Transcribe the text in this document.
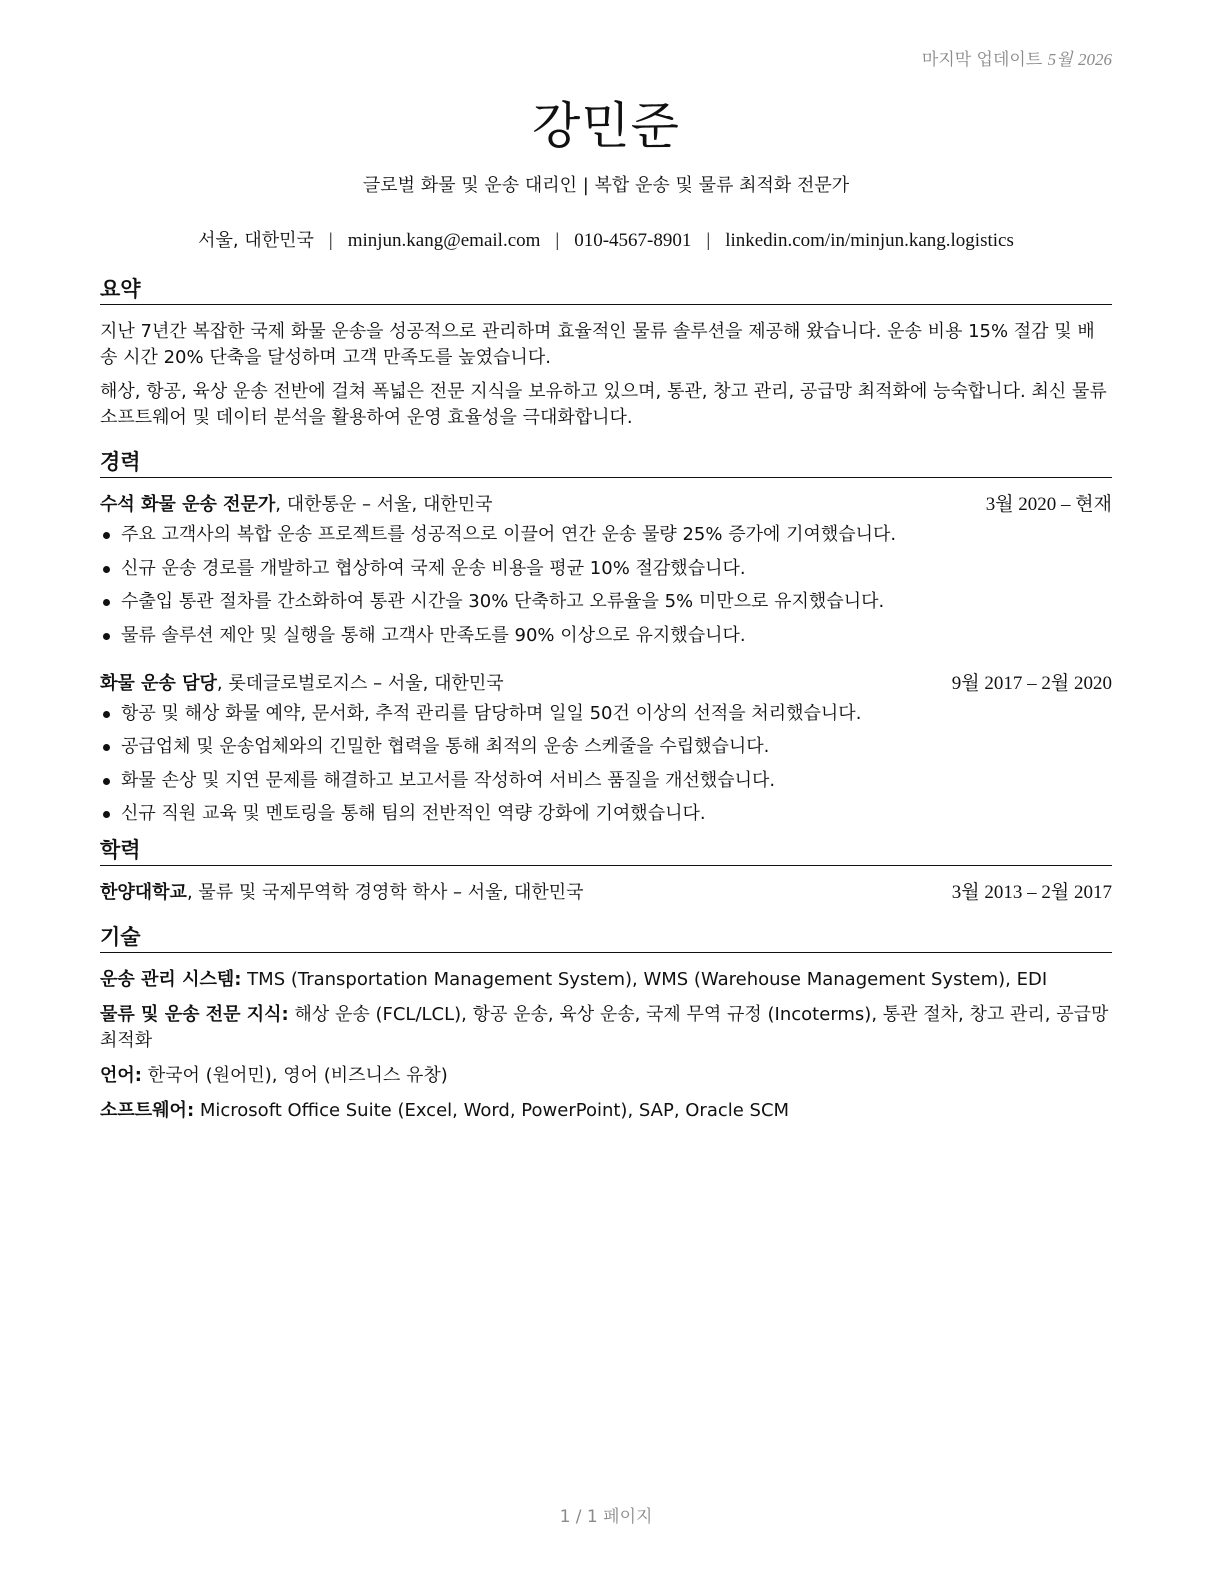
마지막 업데이트 5월 2026
강민준
글로벌 화물 및 운송 대리인 | 복합 운송 및 물류 최적화 전문가
서울, 대한민국 | minjun.kang@email.com | 010-4567-8901 | linkedin.com/in/minjun.kang.logistics
요약

지난 7년간 복잡한 국제 화물 운송을 성공적으로 관리하며 효율적인 물류 솔루션을 제공해 왔습니다. 운송 비용 15% 절감 및 배송 시간 20% 단축을 달성하며 고객 만족도를 높였습니다.

해상, 항공, 육상 운송 전반에 걸쳐 폭넓은 전문 지식을 보유하고 있으며, 통관, 창고 관리, 공급망 최적화에 능숙합니다. 최신 물류 소프트웨어 및 데이터 분석을 활용하여 운영 효율성을 극대화합니다.

경력
수석 화물 운송 전문가, 대한통운 – 서울, 대한민국	3월 2020 – 현재
주요 고객사의 복합 운송 프로젝트를 성공적으로 이끌어 연간 운송 물량 25% 증가에 기여했습니다.
신규 운송 경로를 개발하고 협상하여 국제 운송 비용을 평균 10% 절감했습니다.
수출입 통관 절차를 간소화하여 통관 시간을 30% 단축하고 오류율을 5% 미만으로 유지했습니다.
물류 솔루션 제안 및 실행을 통해 고객사 만족도를 90% 이상으로 유지했습니다.
화물 운송 담당, 롯데글로벌로지스 – 서울, 대한민국	9월 2017 – 2월 2020
항공 및 해상 화물 예약, 문서화, 추적 관리를 담당하며 일일 50건 이상의 선적을 처리했습니다.
공급업체 및 운송업체와의 긴밀한 협력을 통해 최적의 운송 스케줄을 수립했습니다.
화물 손상 및 지연 문제를 해결하고 보고서를 작성하여 서비스 품질을 개선했습니다.
신규 직원 교육 및 멘토링을 통해 팀의 전반적인 역량 강화에 기여했습니다.
학력
한양대학교, 물류 및 국제무역학 경영학 학사 – 서울, 대한민국	3월 2013 – 2월 2017
기술
운송 관리 시스템: TMS (Transportation Management System), WMS (Warehouse Management System), EDI
물류 및 운송 전문 지식: 해상 운송 (FCL/LCL), 항공 운송, 육상 운송, 국제 무역 규정 (Incoterms), 통관 절차, 창고 관리, 공급망 최적화
언어: 한국어 (원어민), 영어 (비즈니스 유창)
소프트웨어: Microsoft Office Suite (Excel, Word, PowerPoint), SAP, Oracle SCM
1 / 1 페이지
